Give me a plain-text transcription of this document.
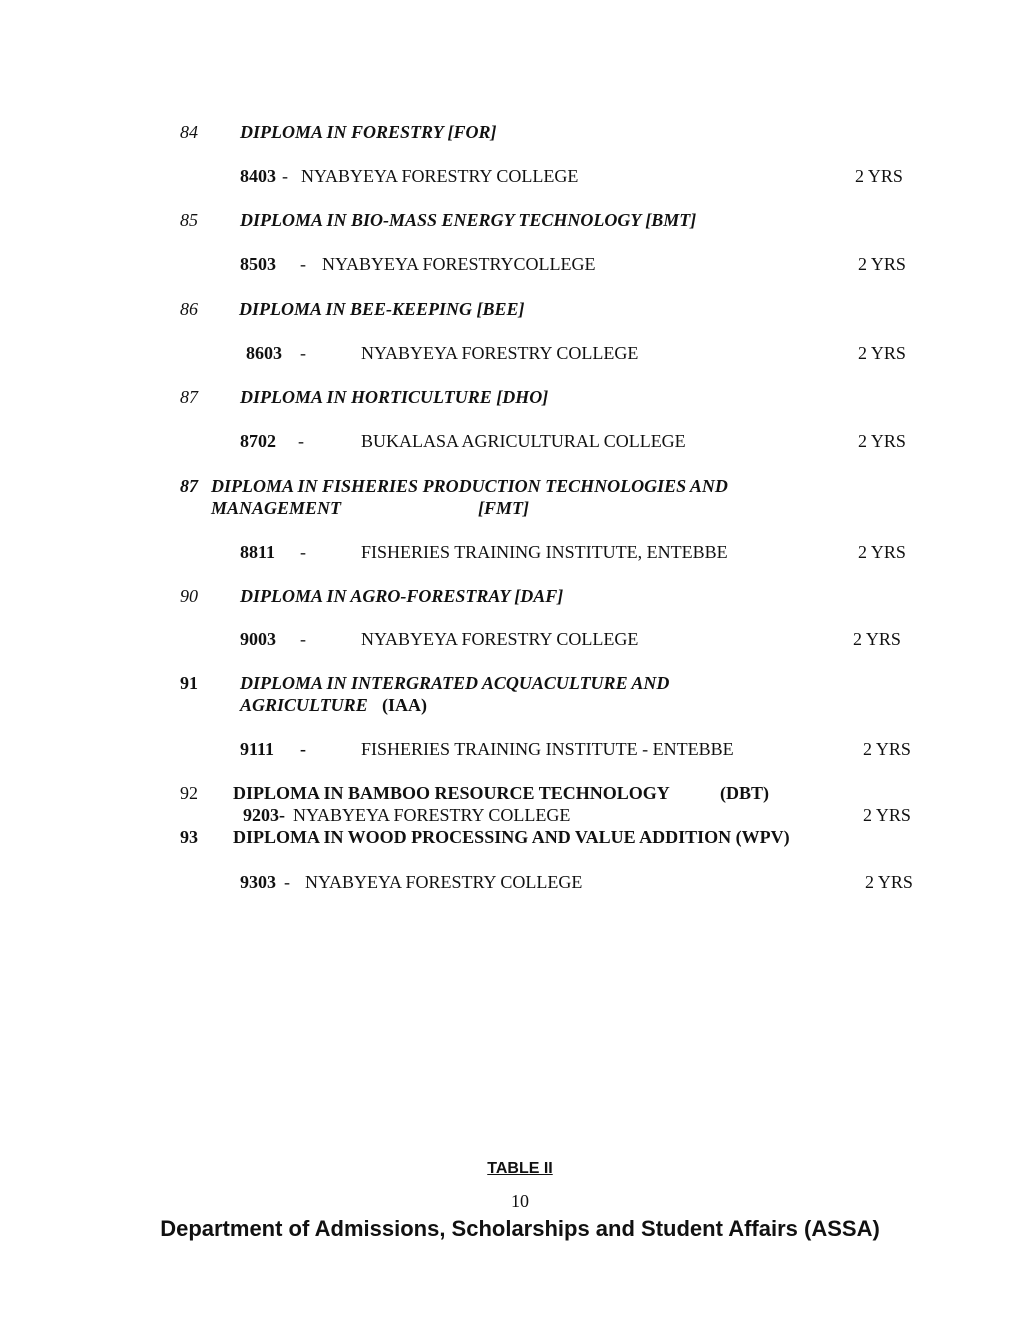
84 DIPLOMA IN FORESTRY [FOR]
8403 - NYABYEYA FORESTRY COLLEGE	2 YRS
85 DIPLOMA IN BIO-MASS ENERGY TECHNOLOGY [BMT]
8503 - NYABYEYA FORESTRYCOLLEGE	2 YRS
86 DIPLOMA IN BEE-KEEPING [BEE]
8603 -	NYABYEYA FORESTRY COLLEGE	2 YRS
87 DIPLOMA IN HORTICULTURE [DHO]
8702 -	BUKALASA AGRICULTURAL COLLEGE	2 YRS
87 DIPLOMA IN FISHERIES PRODUCTION TECHNOLOGIES AND
MANAGEMENT	[FMT]
8811 -	FISHERIES TRAINING INSTITUTE, ENTEBBE	2 YRS
90 DIPLOMA IN AGRO-FORESTRAY [DAF]
9003 -	NYABYEYA FORESTRY COLLEGE	2 YRS
91 DIPLOMA IN INTERGRATED ACQUACULTURE AND
AGRICULTURE (IAA)
9111 -	FISHERIES TRAINING INSTITUTE - ENTEBBE	2 YRS
92 DIPLOMA IN BAMBOO RESOURCE TECHNOLOGY	(DBT)
9203- NYABYEYA FORESTRY COLLEGE	2 YRS
93 DIPLOMA IN WOOD PROCESSING AND VALUE ADDITION (WPV)
9303 - NYABYEYA FORESTRY COLLEGE	2 YRS
TABLE II
10
Department of Admissions, Scholarships and Student Affairs (ASSA)
